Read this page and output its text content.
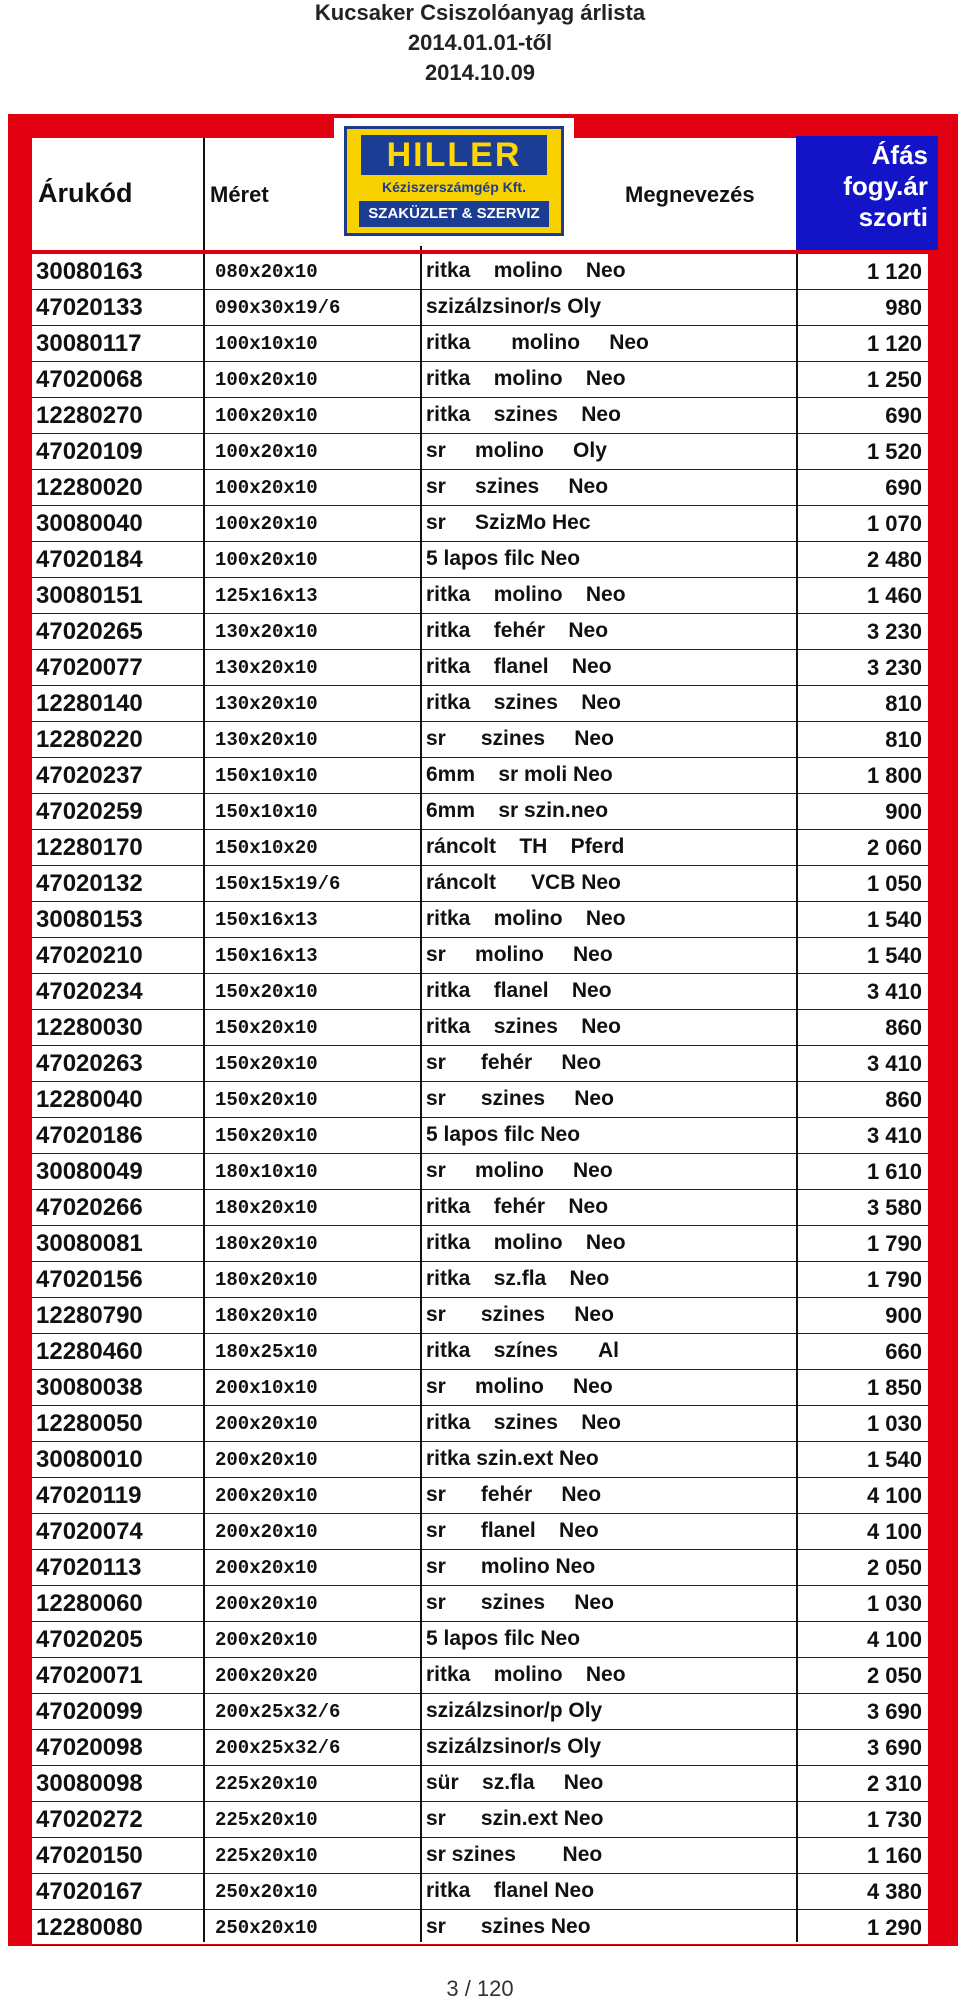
Kucsaker Csiszolóanyag árlista
2014.01.01-től
2014.10.09
Árukód	Méret	Megnevezés
HILLER
Kéziszerszámgép Kft.
SZAKÜZLET & SZERVIZ
Áfás
fogy.ár
szorti
30080163	080x20x10	ritka    molino    Neo	1 120
47020133	090x30x19/6	szizálzsinor/s Oly	980
30080117	100x10x10	ritka       molino     Neo	1 120
47020068	100x20x10	ritka    molino    Neo	1 250
12280270	100x20x10	ritka    szines    Neo	690
47020109	100x20x10	sr     molino     Oly	1 520
12280020	100x20x10	sr     szines     Neo	690
30080040	100x20x10	sr     SzizMo Hec	1 070
47020184	100x20x10	5 lapos filc Neo	2 480
30080151	125x16x13	ritka    molino    Neo	1 460
47020265	130x20x10	ritka    fehér    Neo	3 230
47020077	130x20x10	ritka    flanel    Neo	3 230
12280140	130x20x10	ritka    szines    Neo	810
12280220	130x20x10	sr      szines     Neo	810
47020237	150x10x10	6mm    sr moli Neo	1 800
47020259	150x10x10	6mm    sr szin.neo	900
12280170	150x10x20	ráncolt    TH    Pferd	2 060
47020132	150x15x19/6	ráncolt      VCB Neo	1 050
30080153	150x16x13	ritka    molino    Neo	1 540
47020210	150x16x13	sr     molino     Neo	1 540
47020234	150x20x10	ritka    flanel    Neo	3 410
12280030	150x20x10	ritka    szines    Neo	860
47020263	150x20x10	sr      fehér     Neo	3 410
12280040	150x20x10	sr      szines     Neo	860
47020186	150x20x10	5 lapos filc Neo	3 410
30080049	180x10x10	sr     molino     Neo	1 610
47020266	180x20x10	ritka    fehér    Neo	3 580
30080081	180x20x10	ritka    molino    Neo	1 790
47020156	180x20x10	ritka    sz.fla    Neo	1 790
12280790	180x20x10	sr      szines     Neo	900
12280460	180x25x10	ritka    színes       Al	660
30080038	200x10x10	sr     molino     Neo	1 850
12280050	200x20x10	ritka    szines    Neo	1 030
30080010	200x20x10	ritka szin.ext Neo	1 540
47020119	200x20x10	sr      fehér     Neo	4 100
47020074	200x20x10	sr      flanel    Neo	4 100
47020113	200x20x10	sr      molino Neo	2 050
12280060	200x20x10	sr      szines     Neo	1 030
47020205	200x20x10	5 lapos filc Neo	4 100
47020071	200x20x20	ritka    molino    Neo	2 050
47020099	200x25x32/6	szizálzsinor/p Oly	3 690
47020098	200x25x32/6	szizálzsinor/s Oly	3 690
30080098	225x20x10	sür    sz.fla     Neo	2 310
47020272	225x20x10	sr      szin.ext Neo	1 730
47020150	225x20x10	sr szines        Neo	1 160
47020167	250x20x10	ritka    flanel Neo	4 380
12280080	250x20x10	sr      szines Neo	1 290
3 / 120
